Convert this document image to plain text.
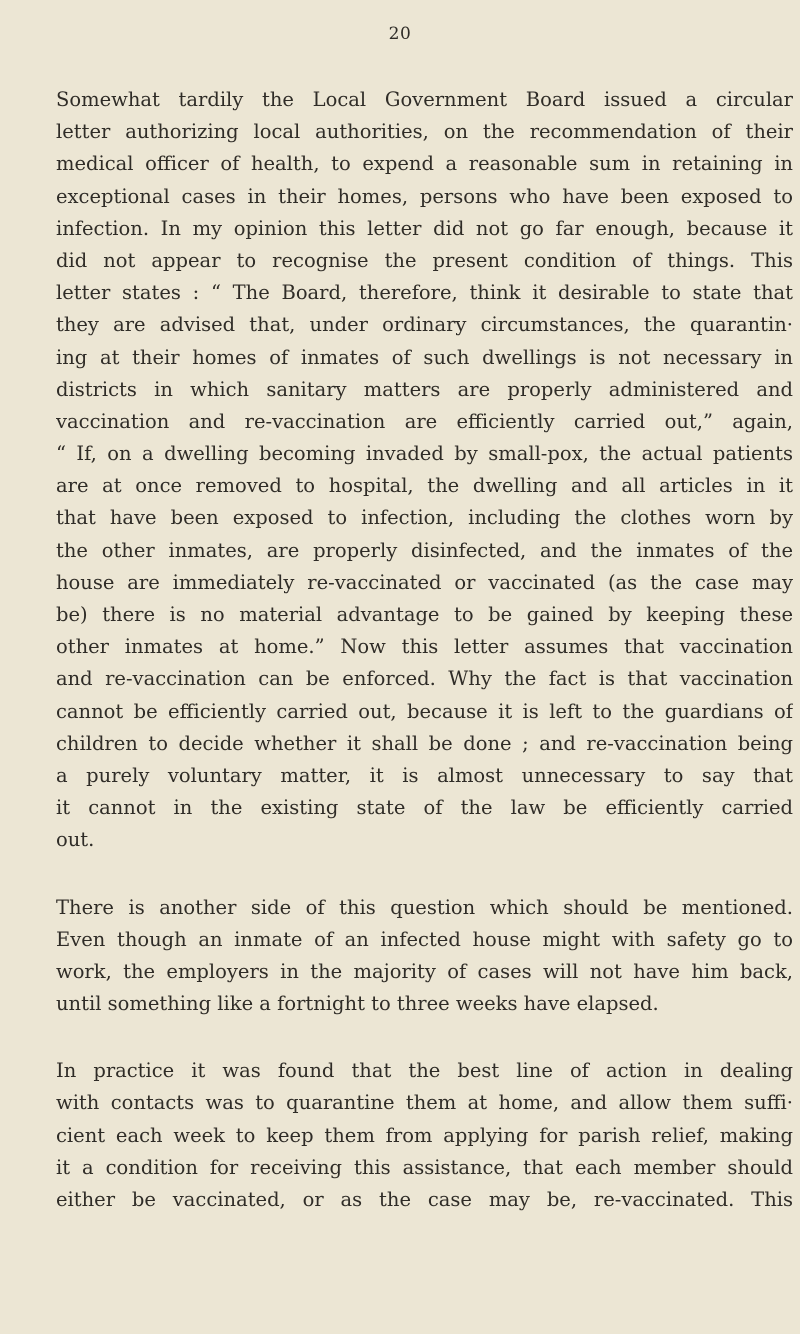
20
Somewhat tardily the Local Government Board issued a circular
letter authorizing local authorities, on the recommendation of their
medical officer of health, to expend a reasonable sum in retaining in
exceptional cases in their homes, persons who have been exposed to
infection. In my opinion this letter did not go far enough, because it
did not appear to recognise the present condition of things. This
letter states : “ The Board, therefore, think it desirable to state that
they are advised that, under ordinary circumstances, the quarantin·
ing at their homes of inmates of such dwellings is not necessary in
districts in which sanitary matters are properly administered and
vaccination and re-vaccination are efficiently carried out,” again,
“ If, on a dwelling becoming invaded by small-pox, the actual patients
are at once removed to hospital, the dwelling and all articles in it
that have been exposed to infection, including the clothes worn by
the other inmates, are properly disinfected, and the inmates of the
house are immediately re-vaccinated or vaccinated (as the case may
be) there is no material advantage to be gained by keeping these
other inmates at home.” Now this letter assumes that vaccination
and re-vaccination can be enforced. Why the fact is that vaccination
cannot be efficiently carried out, because it is left to the guardians of
children to decide whether it shall be done ; and re-vaccination being
a purely voluntary matter, it is almost unnecessary to say that
it cannot in the existing state of the law be efficiently carried
out.
There is another side of this question which should be mentioned.
Even though an inmate of an infected house might with safety go to
work, the employers in the majority of cases will not have him back,
until something like a fortnight to three weeks have elapsed.
In practice it was found that the best line of action in dealing
with contacts was to quarantine them at home, and allow them suffi·
cient each week to keep them from applying for parish relief, making
it a condition for receiving this assistance, that each member should
either be vaccinated, or as the case may be, re-vaccinated. This
